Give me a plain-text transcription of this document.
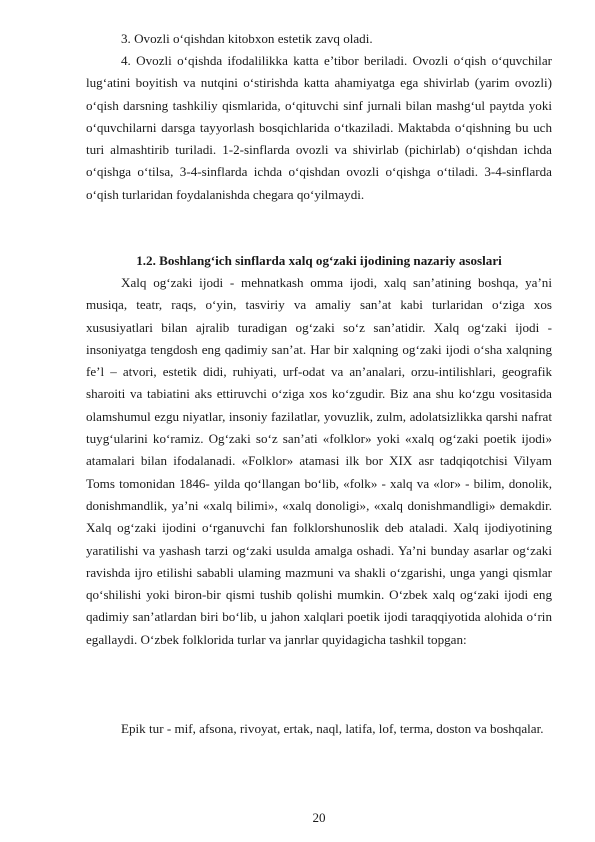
3. Ovozli o‘qishdan kitobxon estetik zavq oladi.

4. Ovozli o‘qishda ifodalilikka katta e’tibor beriladi. Ovozli o‘qish o‘quvchilar lug‘atini boyitish va nutqini o‘stirishda katta ahamiyatga ega shivirlab (yarim ovozli) o‘qish darsning tashkiliy qismlarida, o‘qituvchi sinf jurnali bilan mashg‘ul paytda yoki o‘quvchilarni darsga tayyorlash bosqichlarida o‘tkaziladi. Maktabda o‘qishning bu uch turi almashtirib turiladi. 1-2-sinflarda ovozli va shivirlab (pichirlab) o‘qishdan ichda o‘qishga o‘tilsa, 3-4-sinflarda ichda o‘qishdan ovozli o‘qishga o‘tiladi. 3-4-sinflarda o‘qish turlaridan foydalanishda chegara qo‘yilmaydi.

1.2. Boshlang‘ich sinflarda xalq og‘zaki ijodining nazariy asoslari

Xalq og‘zaki ijodi - mehnatkash omma ijodi, xalq san’atining boshqa, ya’ni musiqa, teatr, raqs, o‘yin, tasviriy va amaliy san’at kabi turlaridan o‘ziga xos xususiyatlari bilan ajralib turadigan og‘zaki so‘z san’atidir. Xalq og‘zaki ijodi - insoniyatga tengdosh eng qadimiy san’at. Har bir xalqning og‘zaki ijodi o‘sha xalqning fe’l – atvori, estetik didi, ruhiyati, urf-odat va an’analari, orzu-intilishlari, geografik sharoiti va tabiatini aks ettiruvchi o‘ziga xos ko‘zgudir. Biz ana shu ko‘zgu vositasida olamshumul ezgu niyatlar, insoniy fazilatlar, yovuzlik, zulm, adolatsizlikka qarshi nafrat tuyg‘ularini ko‘ramiz. Og‘zaki so‘z san’ati «folklor» yoki «xalq og‘zaki poetik ijodi» atamalari bilan ifodalanadi. «Folklor» atamasi ilk bor XIX asr tadqiqotchisi Vilyam Toms tomonidan 1846- yilda qo‘llangan bo‘lib, «folk» - xalq va «lor» - bilim, donolik, donishmandlik, ya’ni «xalq bilimi», «xalq donoligi», «xalq donishmandligi» demakdir. Xalq og‘zaki ijodini o‘rganuvchi fan folklorshunoslik deb ataladi. Xalq ijodiyotining yaratilishi va yashash tarzi og‘zaki usulda amalga oshadi. Ya’ni bunday asarlar og‘zaki ravishda ijro etilishi sababli ulaming mazmuni va shakli o‘zgarishi, unga yangi qismlar qo‘shilishi yoki biron-bir qismi tushib qolishi mumkin. O‘zbek xalq og‘zaki ijodi eng qadimiy san’atlardan biri bo‘lib, u jahon xalqlari poetik ijodi taraqqiyotida alohida o‘rin egallaydi. O‘zbek folklorida turlar va janrlar quyidagicha tashkil topgan:

Epik tur - mif, afsona, rivoyat, ertak, naql, latifa, lof, terma, doston va boshqalar.

20
